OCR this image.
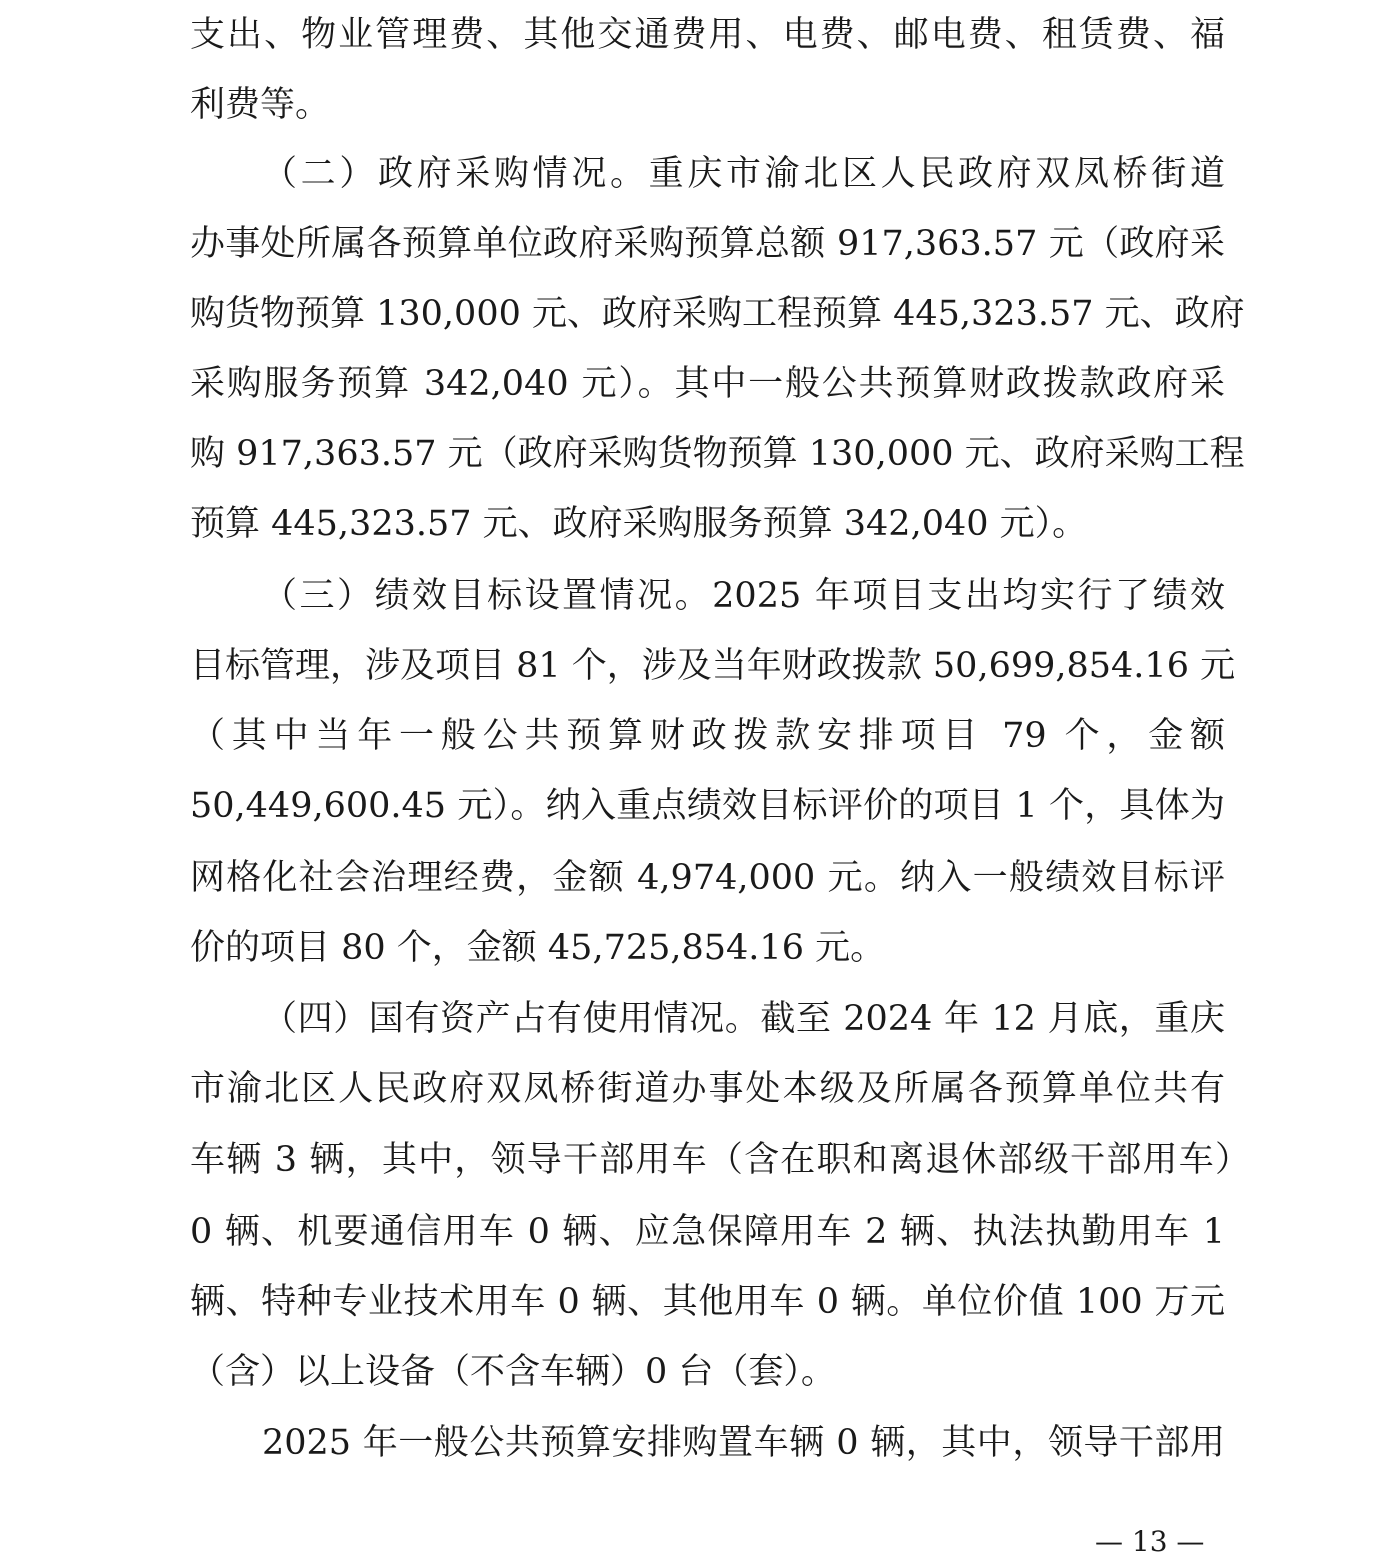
支出、物业管理费、其他交通费用、电费、邮电费、租赁费、福
利费等。
（二）政府采购情况。重庆市渝北区人民政府双凤桥街道
办事处所属各预算单位政府采购预算总额 917,363.57 元（政府采
购货物预算 130,000 元、政府采购工程预算 445,323.57 元、政府
采购服务预算 342,040 元）。其中一般公共预算财政拨款政府采
购 917,363.57 元（政府采购货物预算 130,000 元、政府采购工程
预算 445,323.57 元、政府采购服务预算 342,040 元）。
（三）绩效目标设置情况。2025 年项目支出均实行了绩效
目标管理，涉及项目 81 个，涉及当年财政拨款 50,699,854.16 元
（其中当年一般公共预算财政拨款安排项目 79 个，金额
50,449,600.45 元）。纳入重点绩效目标评价的项目 1 个，具体为
网格化社会治理经费，金额 4,974,000 元。纳入一般绩效目标评
价的项目 80 个，金额 45,725,854.16 元。
（四）国有资产占有使用情况。截至 2024 年 12 月底，重庆
市渝北区人民政府双凤桥街道办事处本级及所属各预算单位共有
车辆 3 辆，其中，领导干部用车（含在职和离退休部级干部用车）
0 辆、机要通信用车 0 辆、应急保障用车 2 辆、执法执勤用车 1
辆、特种专业技术用车 0 辆、其他用车 0 辆。单位价值 100 万元
（含）以上设备（不含车辆）0 台（套）。
2025 年一般公共预算安排购置车辆 0 辆，其中，领导干部用
— 13 —
